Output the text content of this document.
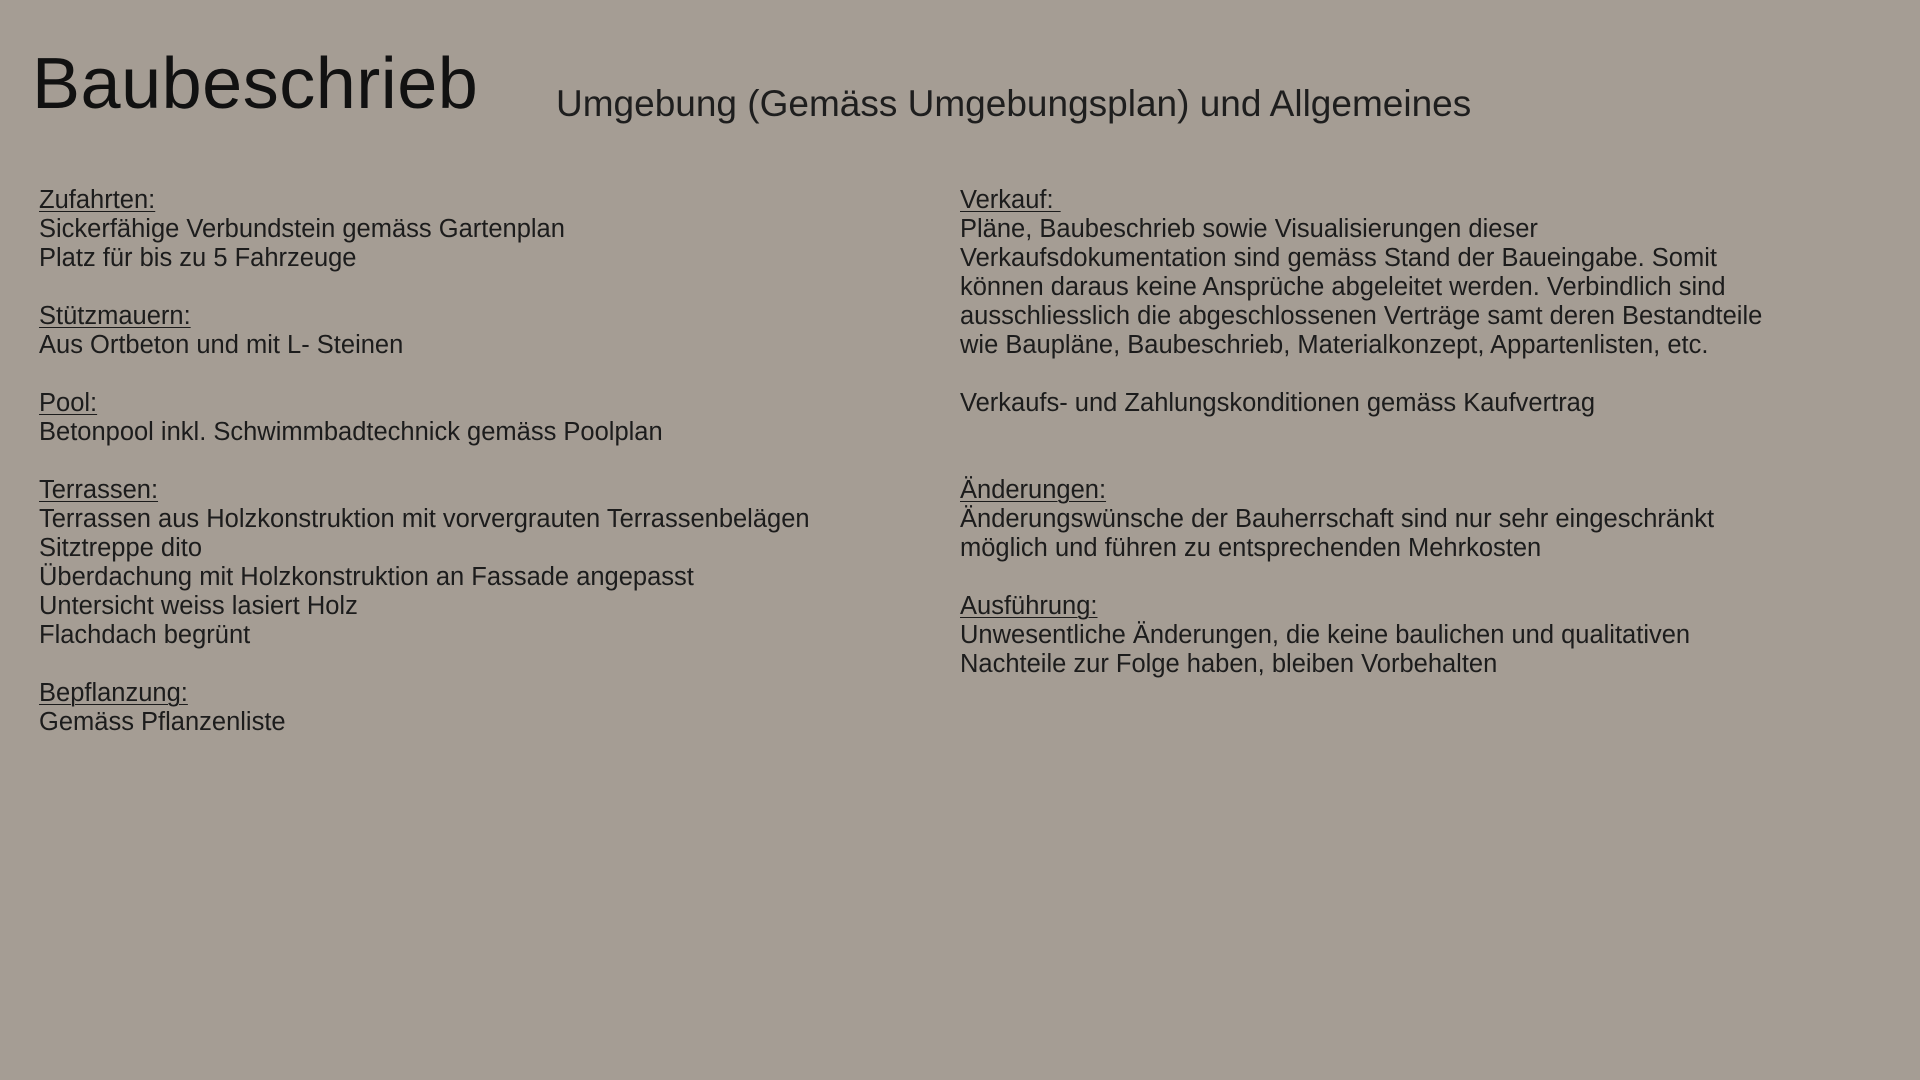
Baubeschrieb Umgebung (Gemäss Umgebungsplan) und Allgemeines
Zufahrten:
Sickerfähige Verbundstein gemäss Gartenplan
Platz für bis zu 5 Fahrzeuge
Stützmauern:
Aus Ortbeton und mit L- Steinen
Pool:
Betonpool inkl. Schwimmbadtechnick gemäss Poolplan
Terrassen:
Terrassen aus Holzkonstruktion mit vorvergrauten Terrassenbelägen
Sitztreppe dito
Überdachung mit Holzkonstruktion an Fassade angepasst
Untersicht weiss lasiert Holz
Flachdach begrünt
Bepflanzung:
Gemäss Pflanzenliste
Verkauf:
Pläne, Baubeschrieb sowie Visualisierungen dieser
Verkaufsdokumentation sind gemäss Stand der Baueingabe. Somit
können daraus keine Ansprüche abgeleitet werden. Verbindlich sind
ausschliesslich die abgeschlossenen Verträge samt deren Bestandteile
wie Baupläne, Baubeschrieb, Materialkonzept, Appartenlisten, etc.
Verkaufs- und Zahlungskonditionen gemäss Kaufvertrag
Änderungen:
Änderungswünsche der Bauherrschaft sind nur sehr eingeschränkt
möglich und führen zu entsprechenden Mehrkosten
Ausführung:
Unwesentliche Änderungen, die keine baulichen und qualitativen
Nachteile zur Folge haben, bleiben Vorbehalten
